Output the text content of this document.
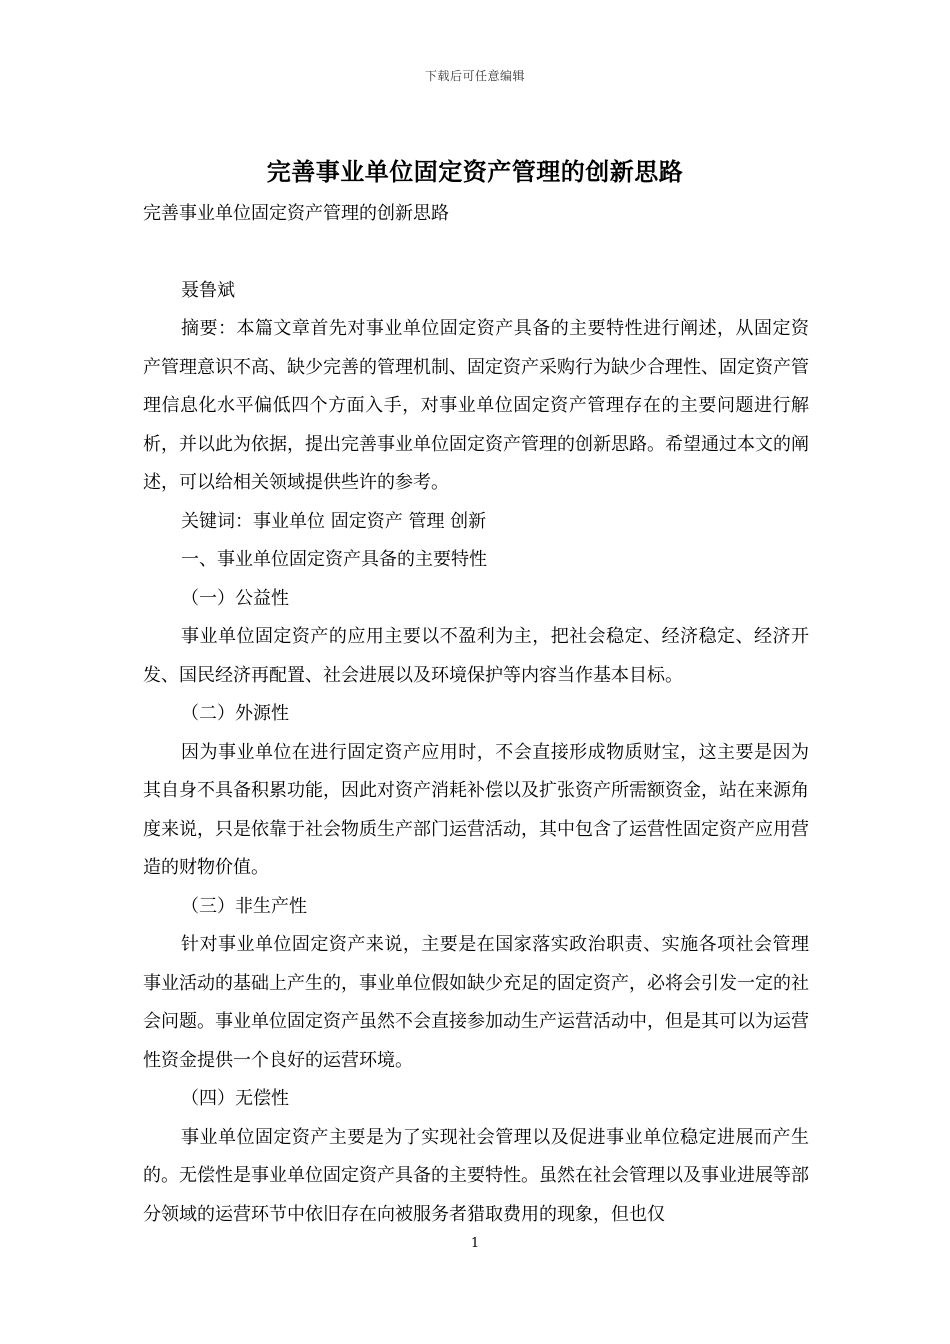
下载后可任意编辑
完善事业单位固定资产管理的创新思路

完善事业单位固定资产管理的创新思路

聂鲁斌

摘要：本篇文章首先对事业单位固定资产具备的主要特性进行阐述，从固定资产管理意识不高、缺少完善的管理机制、固定资产采购行为缺少合理性、固定资产管理信息化水平偏低四个方面入手，对事业单位固定资产管理存在的主要问题进行解析，并以此为依据，提出完善事业单位固定资产管理的创新思路。希望通过本文的阐述，可以给相关领域提供些许的参考。

关键词：事业单位 固定资产 管理 创新

一、事业单位固定资产具备的主要特性

（一）公益性

事业单位固定资产的应用主要以不盈利为主，把社会稳定、经济稳定、经济开发、国民经济再配置、社会进展以及环境保护等内容当作基本目标。

（二）外源性

因为事业单位在进行固定资产应用时，不会直接形成物质财宝，这主要是因为其自身不具备积累功能，因此对资产消耗补偿以及扩张资产所需额资金，站在来源角度来说，只是依靠于社会物质生产部门运营活动，其中包含了运营性固定资产应用营造的财物价值。

（三）非生产性

针对事业单位固定资产来说，主要是在国家落实政治职责、实施各项社会管理事业活动的基础上产生的，事业单位假如缺少充足的固定资产，必将会引发一定的社会问题。事业单位固定资产虽然不会直接参加动生产运营活动中，但是其可以为运营性资金提供一个良好的运营环境。

（四）无偿性

事业单位固定资产主要是为了实现社会管理以及促进事业单位稳定进展而产生的。无偿性是事业单位固定资产具备的主要特性。虽然在社会管理以及事业进展等部分领域的运营环节中依旧存在向被服务者猎取费用的现象，但也仅

1
